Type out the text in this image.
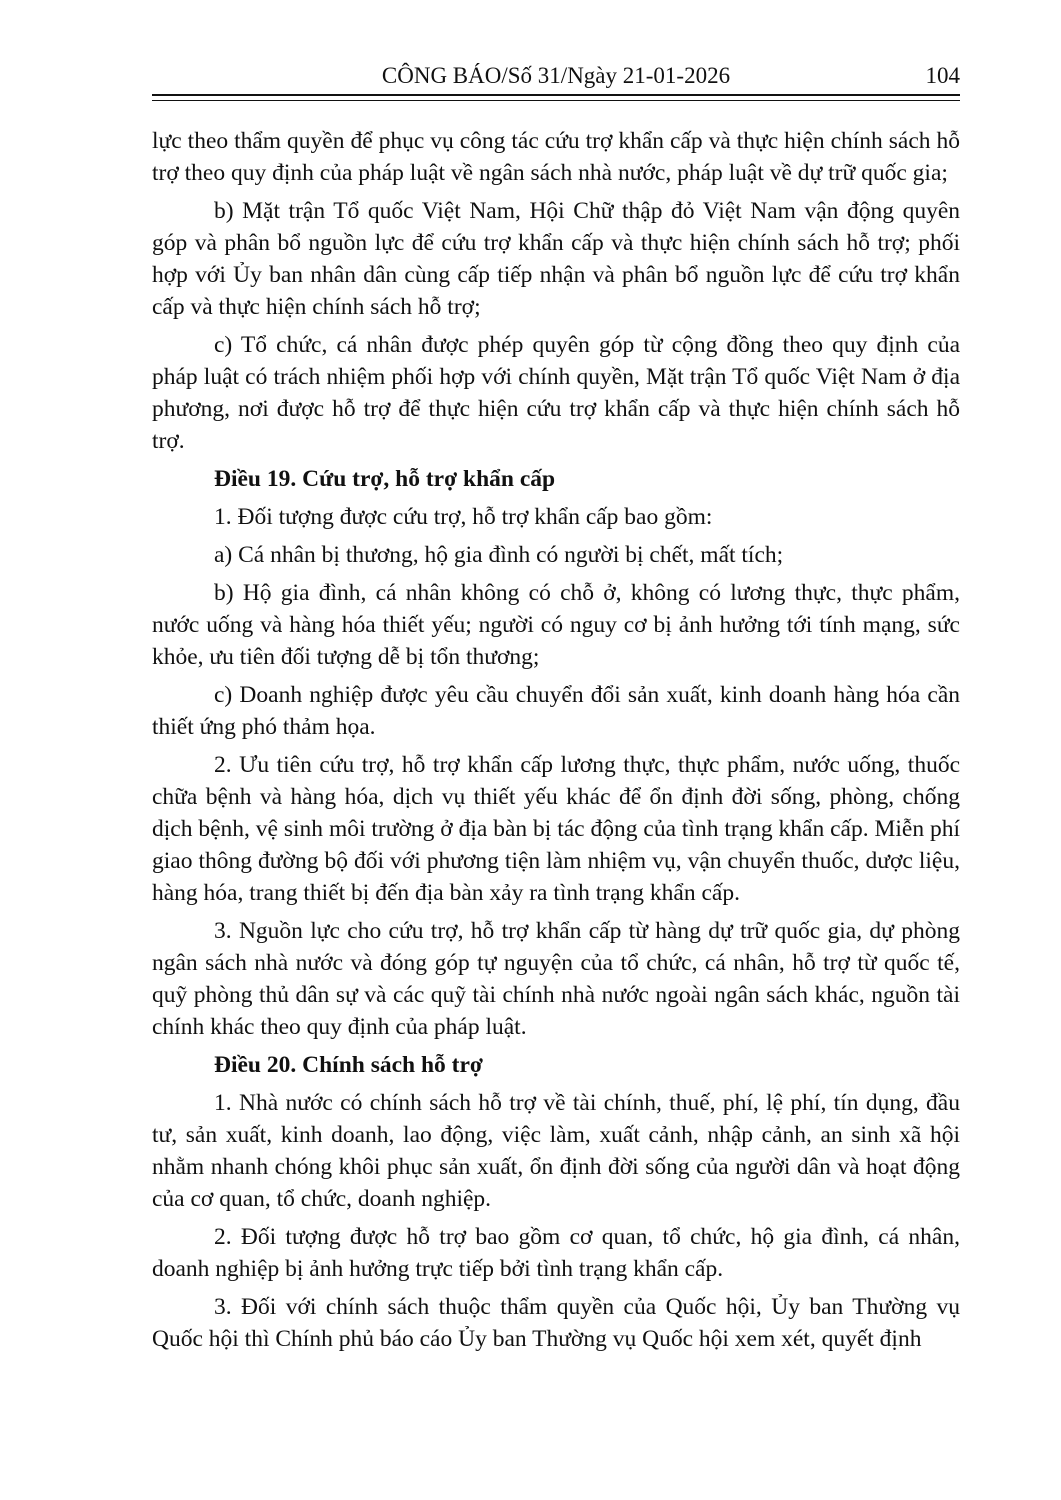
CÔNG BÁO/Số 31/Ngày 21-01-2026	104

lực theo thẩm quyền để phục vụ công tác cứu trợ khẩn cấp và thực hiện chính sách hỗ trợ theo quy định của pháp luật về ngân sách nhà nước, pháp luật về dự trữ quốc gia;

b) Mặt trận Tổ quốc Việt Nam, Hội Chữ thập đỏ Việt Nam vận động quyên góp và phân bổ nguồn lực để cứu trợ khẩn cấp và thực hiện chính sách hỗ trợ; phối hợp với Ủy ban nhân dân cùng cấp tiếp nhận và phân bổ nguồn lực để cứu trợ khẩn cấp và thực hiện chính sách hỗ trợ;

c) Tổ chức, cá nhân được phép quyên góp từ cộng đồng theo quy định của pháp luật có trách nhiệm phối hợp với chính quyền, Mặt trận Tổ quốc Việt Nam ở địa phương, nơi được hỗ trợ để thực hiện cứu trợ khẩn cấp và thực hiện chính sách hỗ trợ.

Điều 19. Cứu trợ, hỗ trợ khẩn cấp

1. Đối tượng được cứu trợ, hỗ trợ khẩn cấp bao gồm:

a) Cá nhân bị thương, hộ gia đình có người bị chết, mất tích;

b) Hộ gia đình, cá nhân không có chỗ ở, không có lương thực, thực phẩm, nước uống và hàng hóa thiết yếu; người có nguy cơ bị ảnh hưởng tới tính mạng, sức khỏe, ưu tiên đối tượng dễ bị tổn thương;

c) Doanh nghiệp được yêu cầu chuyển đổi sản xuất, kinh doanh hàng hóa cần thiết ứng phó thảm họa.

2. Ưu tiên cứu trợ, hỗ trợ khẩn cấp lương thực, thực phẩm, nước uống, thuốc chữa bệnh và hàng hóa, dịch vụ thiết yếu khác để ổn định đời sống, phòng, chống dịch bệnh, vệ sinh môi trường ở địa bàn bị tác động của tình trạng khẩn cấp. Miễn phí giao thông đường bộ đối với phương tiện làm nhiệm vụ, vận chuyển thuốc, dược liệu, hàng hóa, trang thiết bị đến địa bàn xảy ra tình trạng khẩn cấp.

3. Nguồn lực cho cứu trợ, hỗ trợ khẩn cấp từ hàng dự trữ quốc gia, dự phòng ngân sách nhà nước và đóng góp tự nguyện của tổ chức, cá nhân, hỗ trợ từ quốc tế, quỹ phòng thủ dân sự và các quỹ tài chính nhà nước ngoài ngân sách khác, nguồn tài chính khác theo quy định của pháp luật.

Điều 20. Chính sách hỗ trợ

1. Nhà nước có chính sách hỗ trợ về tài chính, thuế, phí, lệ phí, tín dụng, đầu tư, sản xuất, kinh doanh, lao động, việc làm, xuất cảnh, nhập cảnh, an sinh xã hội nhằm nhanh chóng khôi phục sản xuất, ổn định đời sống của người dân và hoạt động của cơ quan, tổ chức, doanh nghiệp.

2. Đối tượng được hỗ trợ bao gồm cơ quan, tổ chức, hộ gia đình, cá nhân, doanh nghiệp bị ảnh hưởng trực tiếp bởi tình trạng khẩn cấp.

3. Đối với chính sách thuộc thẩm quyền của Quốc hội, Ủy ban Thường vụ Quốc hội thì Chính phủ báo cáo Ủy ban Thường vụ Quốc hội xem xét, quyết định
